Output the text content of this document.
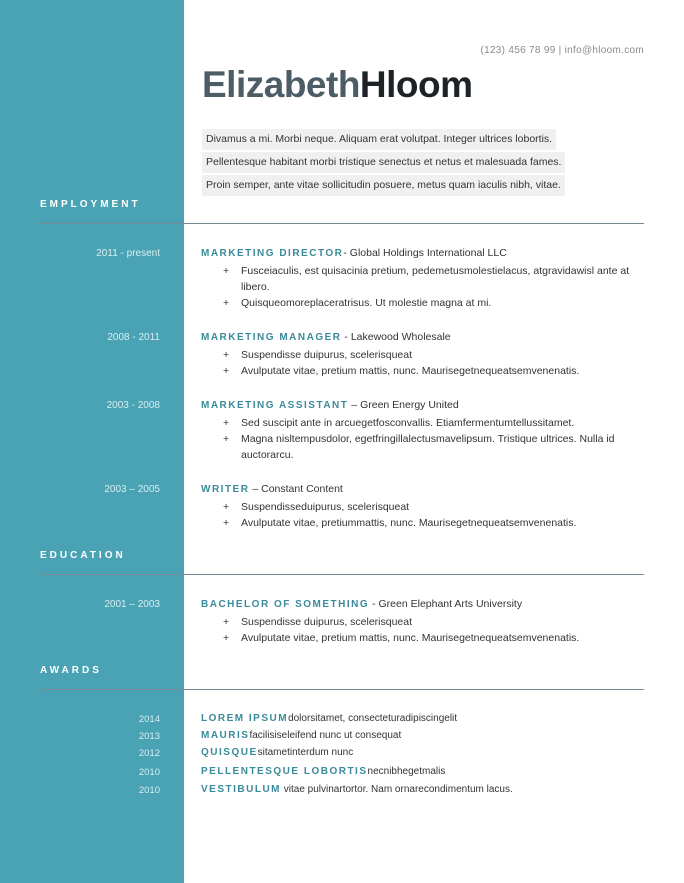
(123) 456 78 99 | info@hloom.com
ElizabethHloom

Divamus a mi. Morbi neque. Aliquam erat volutpat. Integer ultrices lobortis.

Pellentesque habitant morbi tristique senectus et netus et malesuada fames.

Proin semper, ante vitae sollicitudin posuere, metus quam iaculis nibh, vitae.

EMPLOYMENT
2011 - present	MARKETING DIRECTOR- Global Holdings International LLC
+ Fusceiaculis, est quisacinia pretium, pedemetusmolestielacus, atgravidawisl ante at libero.
+ Quisqueomoreplaceratrisus. Ut molestie magna at mi.
2008 - 2011	MARKETING MANAGER - Lakewood Wholesale
+ Suspendisse duipurus, scelerisqueat
+ Avulputate vitae, pretium mattis, nunc. Maurisegetnequeatsemvenenatis.
2003 - 2008	MARKETING ASSISTANT – Green Energy United
+ Sed suscipit ante in arcuegetfosconvallis. Etiamfermentumtellussitamet.
+ Magna nisltempusdolor, egetfringillalectusmavelipsum. Tristique ultrices. Nulla id auctorarcu.
2003 – 2005	WRITER – Constant Content
+ Suspendisseduipurus, scelerisqueat
+ Avulputate vitae, pretiummattis, nunc. Maurisegetnequeatsemvenenatis.
EDUCATION
2001 – 2003	BACHELOR OF SOMETHING - Green Elephant Arts University
+ Suspendisse duipurus, scelerisqueat
+ Avulputate vitae, pretium mattis, nunc. Maurisegetnequeatsemvenenatis.
AWARDS
2014	LOREM IPSUMdolorsitamet, consecteturadipiscingelit
2013	MAURISfacilisiseleifend nunc ut consequat
2012	QUISQUEsitametinterdum nunc
2010	PELLENTESQUE LOBORTISnecnibhegetmalis
2010	VESTIBULUM vitae pulvinartortor. Nam ornarecondimentum lacus.
